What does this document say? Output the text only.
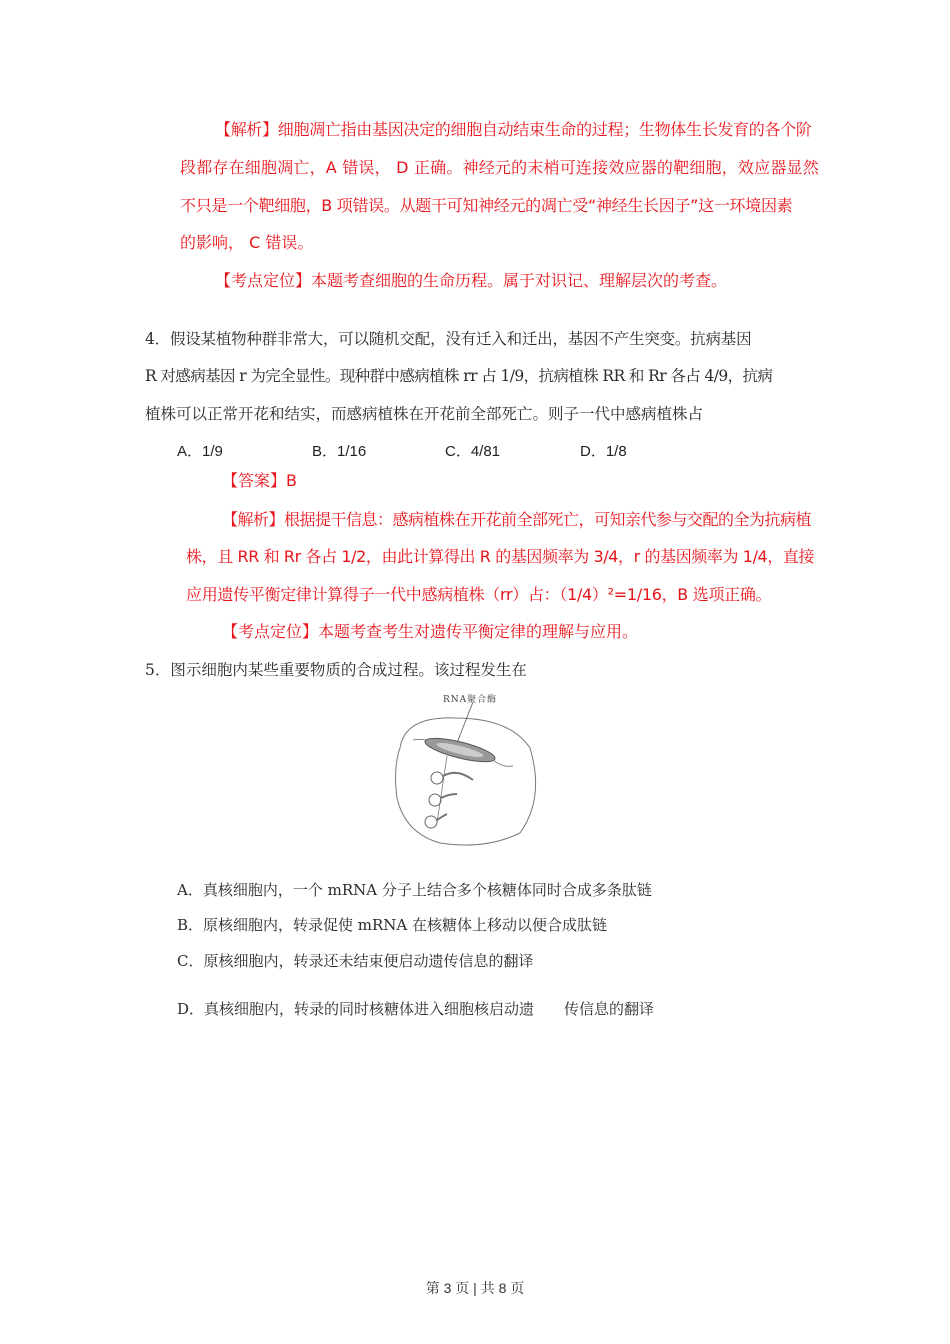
【解析】细胞凋亡指由基因决定的细胞自动结束生命的过程；生物体生长发育的各个阶
段都存在细胞凋亡，A 错误， D 正确。神经元的末梢可连接效应器的靶细胞，效应器显然
不只是一个靶细胞，B 项错误。从题干可知神经元的凋亡受“神经生长因子”这一环境因素
的影响， C 错误。
【考点定位】本题考查细胞的生命历程。属于对识记、理解层次的考查。
4．假设某植物种群非常大，可以随机交配，没有迁入和迁出，基因不产生突变。抗病基因
R 对感病基因 r 为完全显性。现种群中感病植株 rr 占 1/9，抗病植株 RR 和 Rr 各占 4/9，抗病
植株可以正常开花和结实，而感病植株在开花前全部死亡。则子一代中感病植株占
A．1/9	B．1/16	C．4/81	D．1/8
【答案】B
【解析】根据提干信息：感病植株在开花前全部死亡，可知亲代参与交配的全为抗病植
株，且 RR 和 Rr 各占 1/2，由此计算得出 R 的基因频率为 3/4，r 的基因频率为 1/4，直接
应用遗传平衡定律计算得子一代中感病植株（rr）占：（1/4）²=1/16，B 选项正确。
【考点定位】本题考查考生对遗传平衡定律的理解与应用。
5．图示细胞内某些重要物质的合成过程。该过程发生在
RNA聚合酶
A．真核细胞内，一个 mRNA 分子上结合多个核糖体同时合成多条肽链
B．原核细胞内，转录促使 mRNA 在核糖体上移动以便合成肽链
C．原核细胞内，转录还未结束便启动遗传信息的翻译
D．真核细胞内，转录的同时核糖体进入细胞核启动遗　　传信息的翻译
第 3 页 | 共 8 页
